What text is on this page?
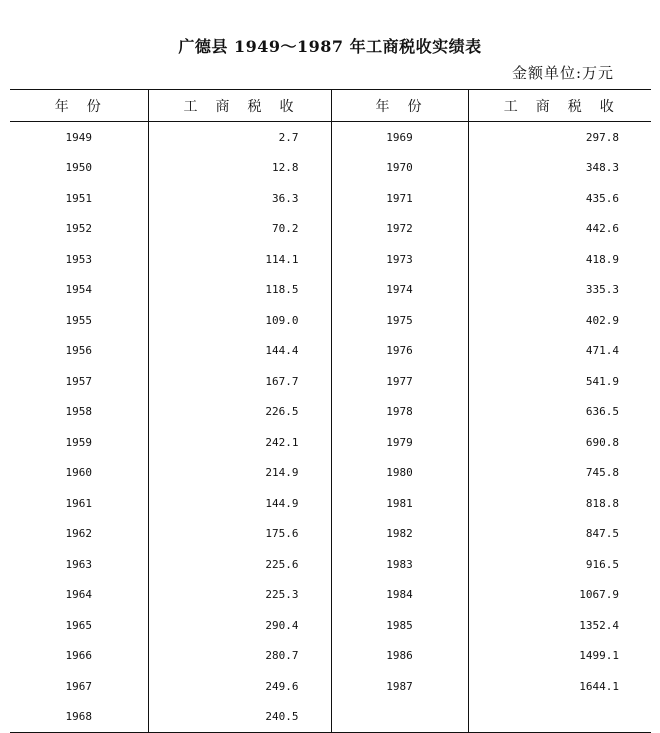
广德县 1949～1987 年工商税收实绩表
金额单位:万元
年　份	工　商　税　收	年　份	工　商　税　收
1949	2.7	1969	297.8
1950	12.8	1970	348.3
1951	36.3	1971	435.6
1952	70.2	1972	442.6
1953	114.1	1973	418.9
1954	118.5	1974	335.3
1955	109.0	1975	402.9
1956	144.4	1976	471.4
1957	167.7	1977	541.9
1958	226.5	1978	636.5
1959	242.1	1979	690.8
1960	214.9	1980	745.8
1961	144.9	1981	818.8
1962	175.6	1982	847.5
1963	225.6	1983	916.5
1964	225.3	1984	1067.9
1965	290.4	1985	1352.4
1966	280.7	1986	1499.1
1967	249.6	1987	1644.1
1968	240.5		
